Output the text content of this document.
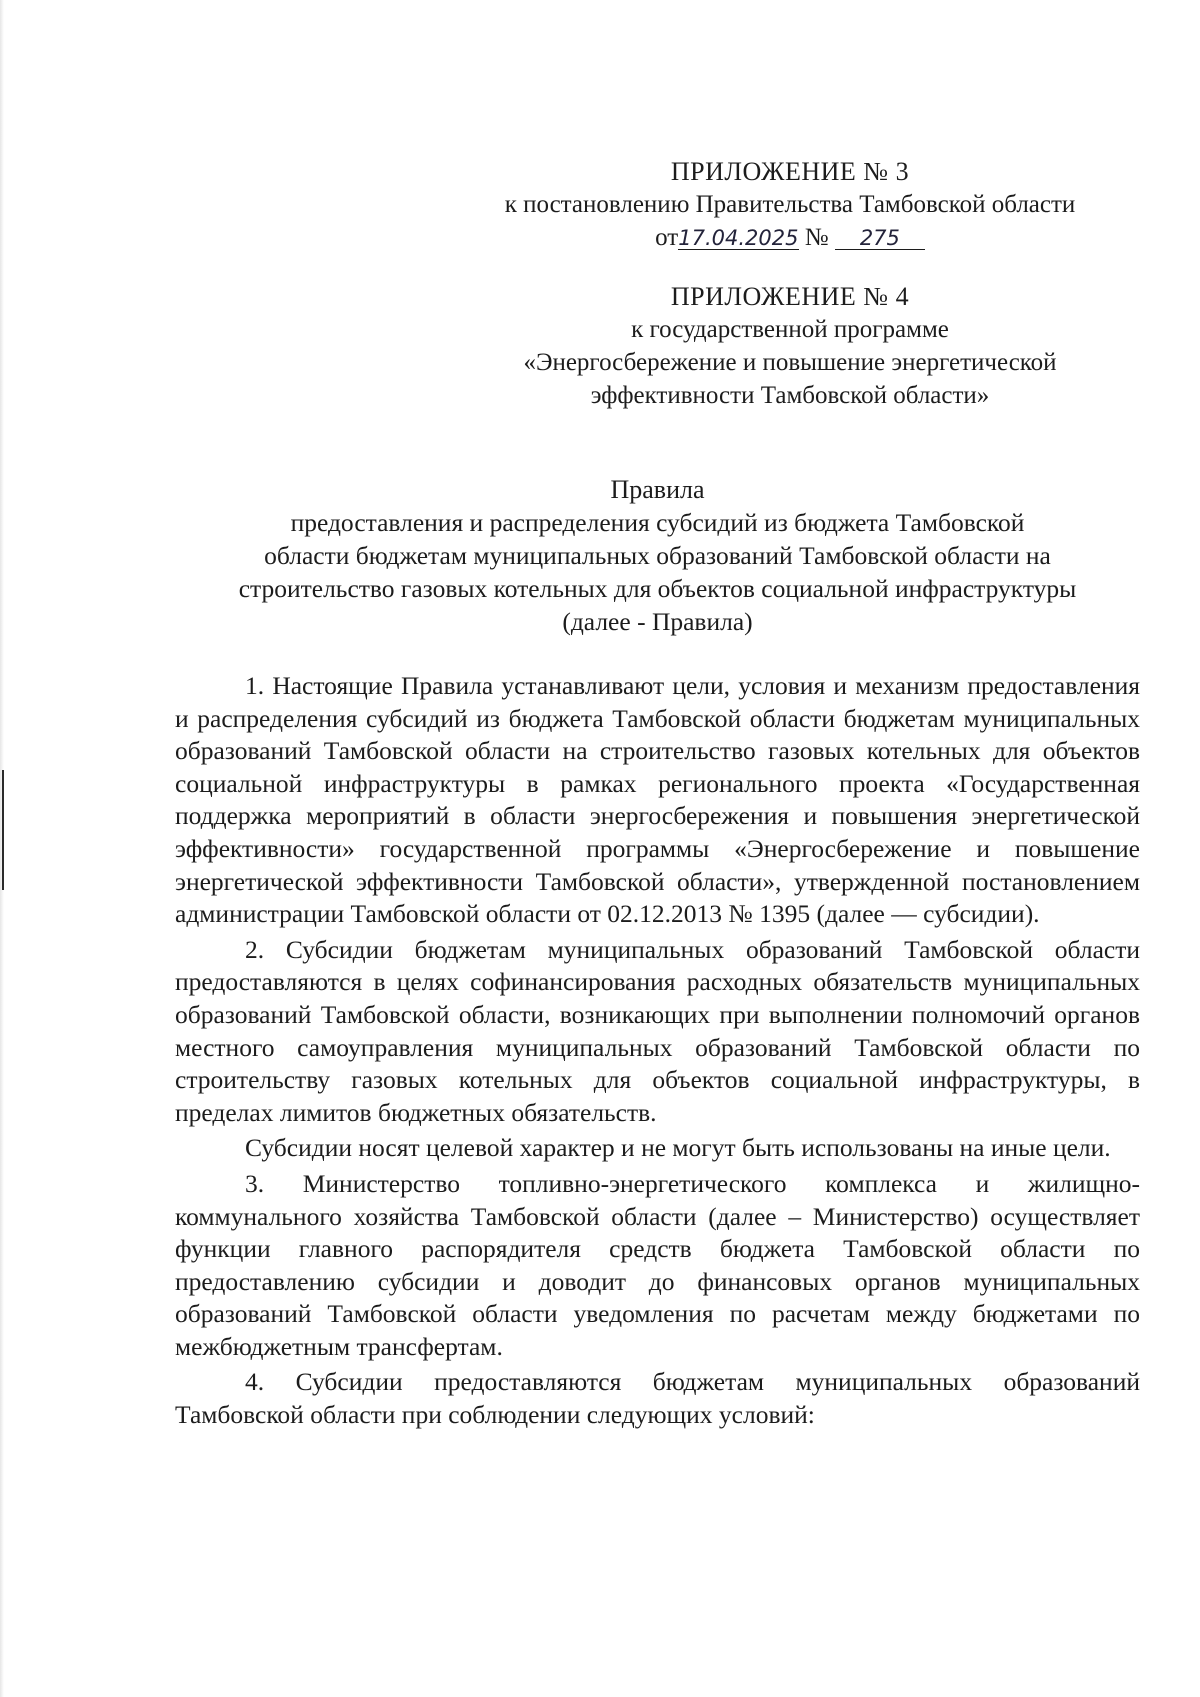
ПРИЛОЖЕНИЕ № 3
к постановлению Правительства Тамбовской области
от17.04.2025 № 275
ПРИЛОЖЕНИЕ № 4
к государственной программе
«Энергосбережение и повышение энергетической
эффективности Тамбовской области»
Правила
предоставления и распределения субсидий из бюджета Тамбовской
области бюджетам муниципальных образований Тамбовской области на
строительство газовых котельных для объектов социальной инфраструктуры
(далее - Правила)

1. Настоящие Правила устанавливают цели, условия и механизм предоставления и распределения субсидий из бюджета Тамбовской области бюджетам муниципальных образований Тамбовской области на строительство газовых котельных для объектов социальной инфраструктуры в рамках регионального проекта «Государственная поддержка мероприятий в области энергосбережения и повышения энергетической эффективности» государственной программы «Энергосбережение и повышение энергетической эффективности Тамбовской области», утвержденной постановлением администрации Тамбовской области от 02.12.2013 № 1395 (далее — субсидии).

2. Субсидии бюджетам муниципальных образований Тамбовской области предоставляются в целях софинансирования расходных обязательств муниципальных образований Тамбовской области, возникающих при выполнении полномочий органов местного самоуправления муниципальных образований Тамбовской области по строительству газовых котельных для объектов социальной инфраструктуры, в пределах лимитов бюджетных обязательств.

Субсидии носят целевой характер и не могут быть использованы на иные цели.

3. Министерство топливно-энергетического комплекса и жилищно-коммунального хозяйства Тамбовской области (далее – Министерство) осуществляет функции главного распорядителя средств бюджета Тамбовской области по предоставлению субсидии и доводит до финансовых органов муниципальных образований Тамбовской области уведомления по расчетам между бюджетами по межбюджетным трансфертам.

4. Субсидии предоставляются бюджетам муниципальных образований Тамбовской области при соблюдении следующих условий:
